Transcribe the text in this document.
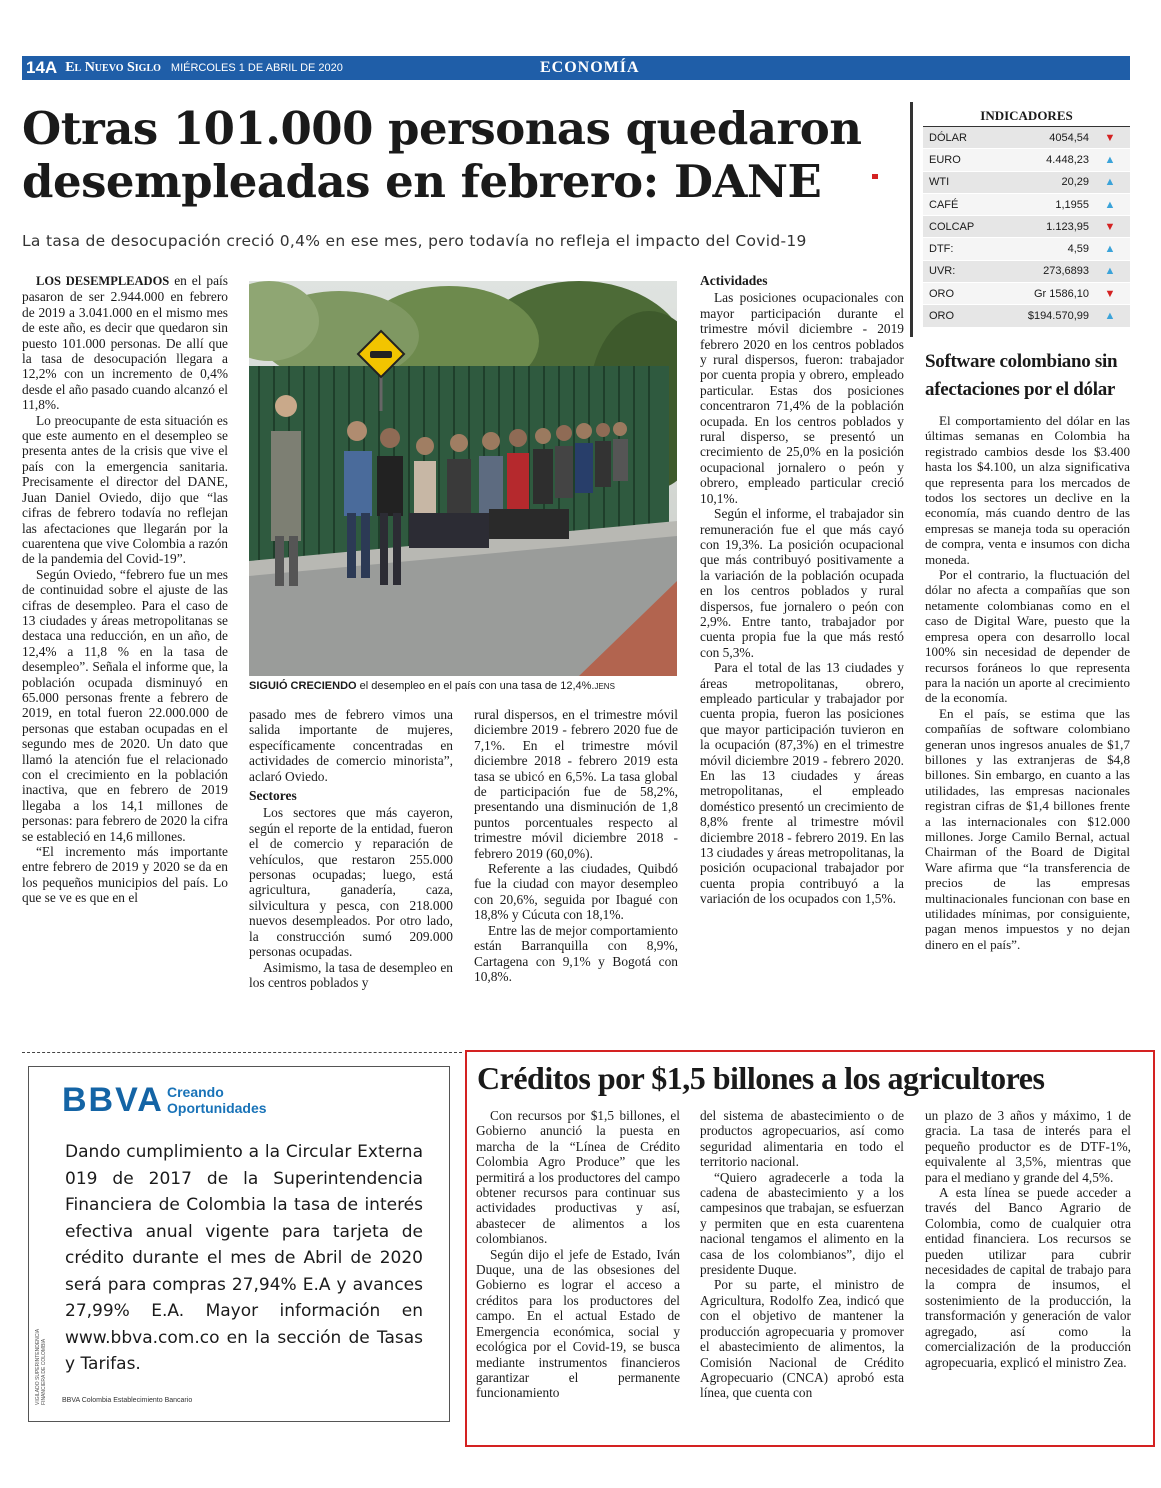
14A El Nuevo Siglo MIÉRCOLES 1 DE ABRIL DE 2020	ECONOMÍA
Otras 101.000 personas quedaron desempleadas en febrero: DANE
La tasa de desocupación creció 0,4% en ese mes, pero todavía no refleja el impacto del Covid-19
INDICADORES
DÓLAR	4054,54	▼
EURO	4.448,23	▲
WTI	20,29	▲
CAFÉ	1,1955	▲
COLCAP	1.123,95	▼
DTF:	4,59	▲
UVR:	273,6893	▲
ORO	Gr 1586,10	▼
ORO	$194.570,99	▲

LOS DESEMPLEADOS en el país pasaron de ser 2.944.000 en febrero de 2019 a 3.041.000 en el mismo mes de este año, es decir que quedaron sin puesto 101.000 personas. De allí que la tasa de desocupación llegara a 12,2% con un incremento de 0,4% desde el año pasado cuando alcanzó el 11,8%.

Lo preocupante de esta situación es que este aumento en el desempleo se presenta antes de la crisis que vive el país con la emergencia sanitaria. Precisamente el director del DANE, Juan Daniel Oviedo, dijo que “las cifras de febrero todavía no reflejan las afectaciones que llegarán por la cuarentena que vive Colombia a razón de la pandemia del Covid-19”.

Según Oviedo, “febrero fue un mes de continuidad sobre el ajuste de las cifras de desempleo. Para el caso de 13 ciudades y áreas metropolitanas se destaca una reducción, en un año, de 12,4% a 11,8 % en la tasa de desempleo”. Señala el informe que, la población ocupada disminuyó en 65.000 personas frente a febrero de 2019, en total fueron 22.000.000 de personas que estaban ocupadas en el segundo mes de 2020. Un dato que llamó la atención fue el relacionado con el crecimiento en la población inactiva, que en febrero de 2019 llegaba a los 14,1 millones de personas: para febrero de 2020 la cifra se estableció en 14,6 millones.

“El incremento más importante entre febrero de 2019 y 2020 se da en los pequeños municipios del país. Lo que se ve es que en el

SIGUIÓ CRECIENDO el desempleo en el país con una tasa de 12,4%.JENS

pasado mes de febrero vimos una salida importante de mujeres, específicamente concentradas en actividades de comercio minorista”, aclaró Oviedo.

Sectores

Los sectores que más cayeron, según el reporte de la entidad, fueron el de comercio y reparación de vehículos, que restaron 255.000 personas ocupadas; luego, está agricultura, ganadería, caza, silvicultura y pesca, con 218.000 nuevos desempleados. Por otro lado, la construcción sumó 209.000 personas ocupadas.

Asimismo, la tasa de desempleo en los centros poblados y

rural dispersos, en el trimestre móvil diciembre 2019 - febrero 2020 fue de 7,1%. En el trimestre móvil diciembre 2018 - febrero 2019 esta tasa se ubicó en 6,5%. La tasa global de participación fue de 58,2%, presentando una disminución de 1,8 puntos porcentuales respecto al trimestre móvil diciembre 2018 - febrero 2019 (60,0%).

Referente a las ciudades, Quibdó fue la ciudad con mayor desempleo con 20,6%, seguida por Ibagué con 18,8% y Cúcuta con 18,1%.

Entre las de mejor comportamiento están Barranquilla con 8,9%, Cartagena con 9,1% y Bogotá con 10,8%.

Actividades

Las posiciones ocupacionales con mayor participación durante el trimestre móvil diciembre - 2019 febrero 2020 en los centros poblados y rural dispersos, fueron: trabajador por cuenta propia y obrero, empleado particular. Estas dos posiciones concentraron 71,4% de la población ocupada. En los centros poblados y rural disperso, se presentó un crecimiento de 25,0% en la posición ocupacional jornalero o peón y obrero, empleado particular creció 10,1%.

Según el informe, el trabajador sin remuneración fue el que más cayó con 19,3%. La posición ocupacional que más contribuyó positivamente a la variación de la población ocupada en los centros poblados y rural dispersos, fue jornalero o peón con 2,9%. Entre tanto, trabajador por cuenta propia fue la que más restó con 5,3%.

Para el total de las 13 ciudades y áreas metropolitanas, obrero, empleado particular y trabajador por cuenta propia, fueron las posiciones que mayor participación tuvieron en la ocupación (87,3%) en el trimestre móvil diciembre 2019 - febrero 2020. En las 13 ciudades y áreas metropolitanas, el empleado doméstico presentó un crecimiento de 8,8% frente al trimestre móvil diciembre 2018 - febrero 2019. En las 13 ciudades y áreas metropolitanas, la posición ocupacional trabajador por cuenta propia contribuyó a la variación de los ocupados con 1,5%.

Software colombiano sin afectaciones por el dólar

El comportamiento del dólar en las últimas semanas en Colombia ha registrado cambios desde los $3.400 hasta los $4.100, un alza significativa que representa para los mercados de todos los sectores un declive en la economía, más cuando dentro de las empresas se maneja toda su operación de compra, venta e insumos con dicha moneda.

Por el contrario, la fluctuación del dólar no afecta a compañías que son netamente colombianas como en el caso de Digital Ware, puesto que la empresa opera con desarrollo local 100% sin necesidad de depender de recursos foráneos lo que representa para la nación un aporte al crecimiento de la economía.

En el país, se estima que las compañías de software colombiano generan unos ingresos anuales de $1,7 billones y las extranjeras de $4,8 billones. Sin embargo, en cuanto a las utilidades, las empresas nacionales registran cifras de $1,4 billones frente a las internacionales con $12.000 millones. Jorge Camilo Bernal, actual Chairman of the Board de Digital Ware afirma que “la transferencia de precios de las empresas multinacionales funcionan con base en utilidades mínimas, por consiguiente, pagan menos impuestos y no dejan dinero en el país”.

BBVA Creando
Oportunidades
Dando cumplimiento a la Circular Externa 019 de 2017 de la Superintendencia Financiera de Colombia la tasa de interés efectiva anual vigente para tarjeta de crédito durante el mes de Abril de 2020 será para compras 27,94% E.A y avances 27,99% E.A. Mayor información en www.bbva.com.co en la sección de Tasas y Tarifas.
VIGILADO SUPERINTENDENCIA FINANCIERA DE COLOMBIA BBVA Colombia Establecimiento Bancario
Créditos por $1,5 billones a los agricultores

Con recursos por $1,5 billones, el Gobierno anunció la puesta en marcha de la “Línea de Crédito Colombia Agro Produce” que les permitirá a los productores del campo obtener recursos para continuar sus actividades productivas y así, abastecer de alimentos a los colombianos.

Según dijo el jefe de Estado, Iván Duque, una de las obsesiones del Gobierno es lograr el acceso a créditos para los productores del campo. En el actual Estado de Emergencia económica, social y ecológica por el Covid-19, se busca mediante instrumentos financieros garantizar el permanente funcionamiento

del sistema de abastecimiento o de productos agropecuarios, así como seguridad alimentaria en todo el territorio nacional.

“Quiero agradecerle a toda la cadena de abastecimiento y a los campesinos que trabajan, se esfuerzan y permiten que en esta cuarentena nacional tengamos el alimento en la casa de los colombianos”, dijo el presidente Duque.

Por su parte, el ministro de Agricultura, Rodolfo Zea, indicó que con el objetivo de mantener la producción agropecuaria y promover el abastecimiento de alimentos, la Comisión Nacional de Crédito Agropecuario (CNCA) aprobó esta línea, que cuenta con

un plazo de 3 años y máximo, 1 de gracia. La tasa de interés para el pequeño productor es de DTF-1%, equivalente al 3,5%, mientras que para el mediano y grande del 4,5%.

A esta línea se puede acceder a través del Banco Agrario de Colombia, como de cualquier otra entidad financiera. Los recursos se pueden utilizar para cubrir necesidades de capital de trabajo para la compra de insumos, el sostenimiento de la producción, la transformación y generación de valor agregado, así como la comercialización de la producción agropecuaria, explicó el ministro Zea.
